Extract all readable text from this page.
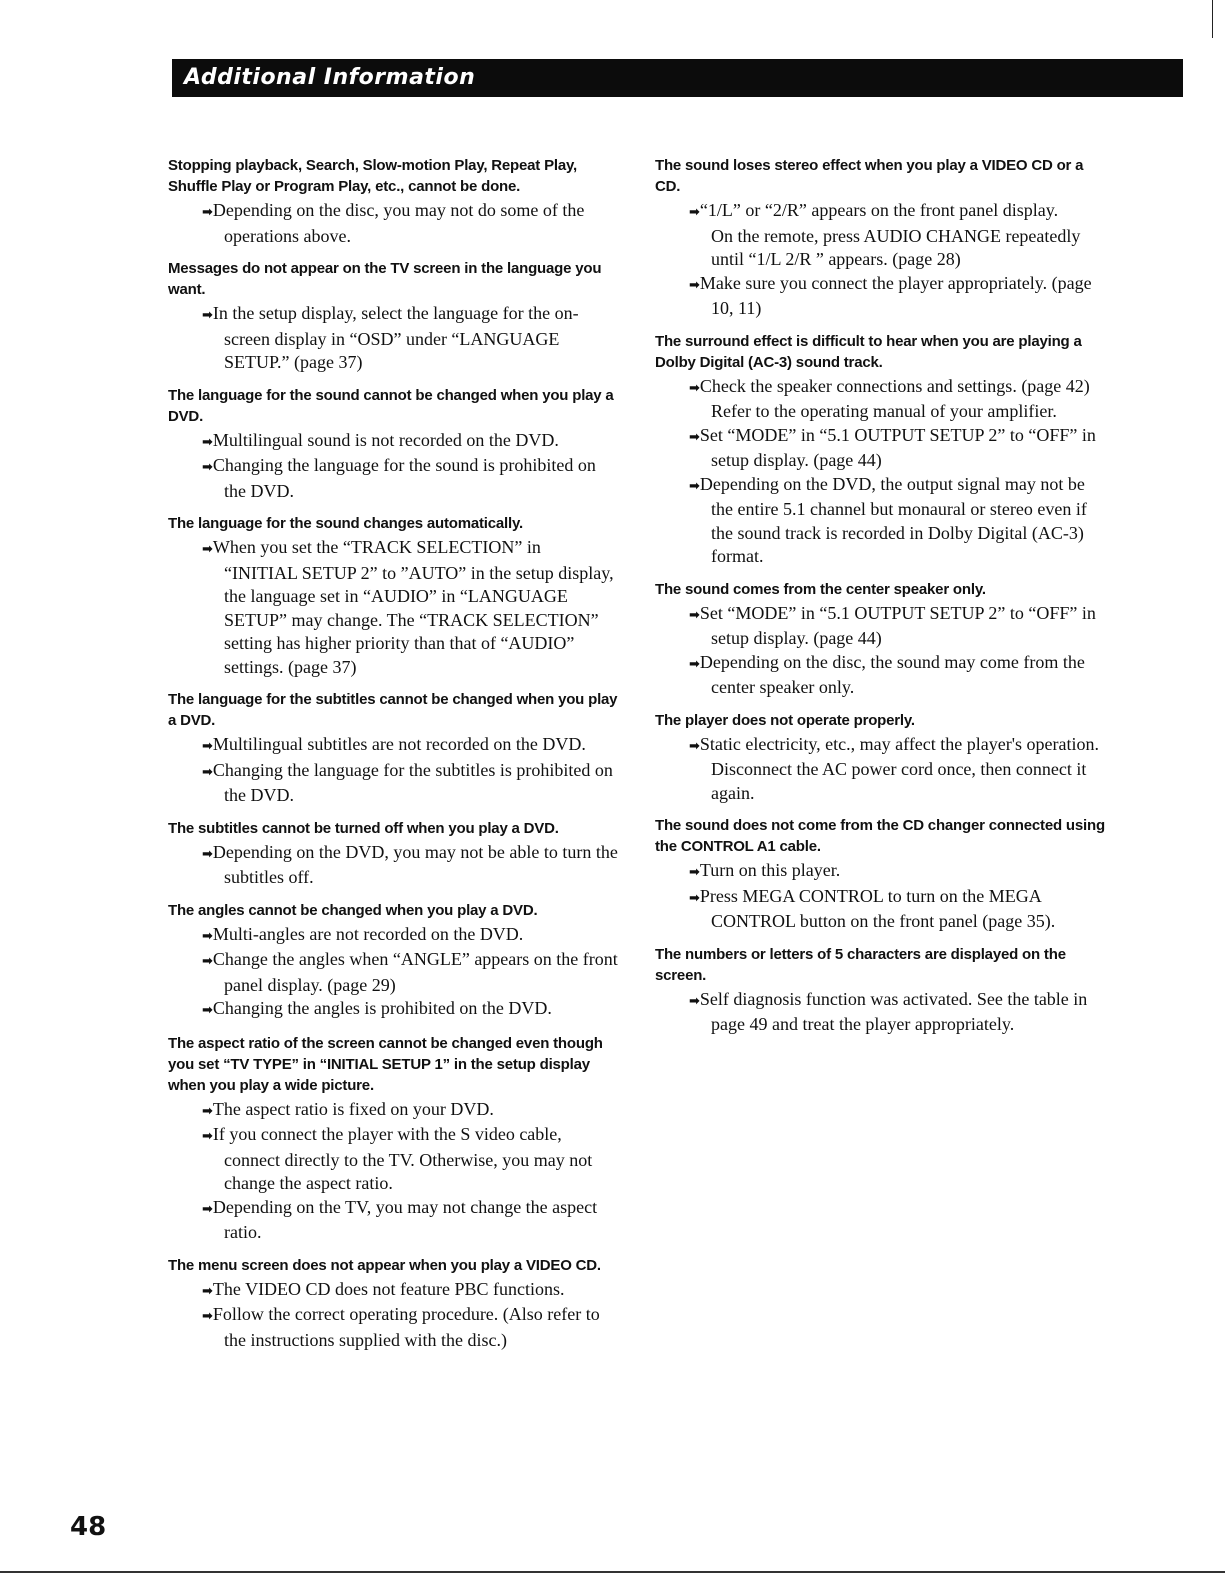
Additional Information

Stopping playback, Search, Slow-motion Play, Repeat Play, Shuffle Play or Program Play, etc., cannot be done.

➡Depending on the disc, you may not do some of the operations above.

Messages do not appear on the TV screen in the language you want.

➡In the setup display, select the language for the on-screen display in “OSD” under “LANGUAGE SETUP.” (page 37)

The language for the sound cannot be changed when you play a DVD.

➡Multilingual sound is not recorded on the DVD.

➡Changing the language for the sound is prohibited on the DVD.

The language for the sound changes automatically.

➡When you set the “TRACK SELECTION” in “INITIAL SETUP 2” to ”AUTO” in the setup display, the language set in “AUDIO” in “LANGUAGE SETUP” may change. The “TRACK SELECTION” setting has higher priority than that of “AUDIO” settings. (page 37)

The language for the subtitles cannot be changed when you play a DVD.

➡Multilingual subtitles are not recorded on the DVD.

➡Changing the language for the subtitles is prohibited on the DVD.

The subtitles cannot be turned off when you play a DVD.

➡Depending on the DVD, you may not be able to turn the subtitles off.

The angles cannot be changed when you play a DVD.

➡Multi-angles are not recorded on the DVD.

➡Change the angles when “ANGLE” appears on the front panel display. (page 29)

➡Changing the angles is prohibited on the DVD.

The aspect ratio of the screen cannot be changed even though you set “TV TYPE” in “INITIAL SETUP 1” in the setup display when you play a wide picture.

➡The aspect ratio is fixed on your DVD.

➡If you connect the player with the S video cable, connect directly to the TV. Otherwise, you may not change the aspect ratio.

➡Depending on the TV, you may not change the aspect ratio.

The menu screen does not appear when you play a VIDEO CD.

➡The VIDEO CD does not feature PBC functions.

➡Follow the correct operating procedure. (Also refer to the instructions supplied with the disc.)

The sound loses stereo effect when you play a VIDEO CD or a CD.

➡“1/L” or “2/R” appears on the front panel display.

On the remote, press AUDIO CHANGE repeatedly until “1/L 2/R ” appears. (page 28)

➡Make sure you connect the player appropriately. (page 10, 11)

The surround effect is difficult to hear when you are playing a Dolby Digital (AC-3) sound track.

➡Check the speaker connections and settings. (page 42) Refer to the operating manual of your amplifier.

➡Set “MODE” in “5.1 OUTPUT SETUP 2” to “OFF” in setup display. (page 44)

➡Depending on the DVD, the output signal may not be the entire 5.1 channel but monaural or stereo even if the sound track is recorded in Dolby Digital (AC-3) format.

The sound comes from the center speaker only.

➡Set “MODE” in “5.1 OUTPUT SETUP 2” to “OFF” in setup display. (page 44)

➡Depending on the disc, the sound may come from the center speaker only.

The player does not operate properly.

➡Static electricity, etc., may affect the player's operation.

Disconnect the AC power cord once, then connect it again.

The sound does not come from the CD changer connected using the CONTROL A1 cable.

➡Turn on this player.

➡Press MEGA CONTROL to turn on the MEGA CONTROL button on the front panel (page 35).

The numbers or letters of 5 characters are displayed on the screen.

➡Self diagnosis function was activated. See the table in page 49 and treat the player appropriately.

48
